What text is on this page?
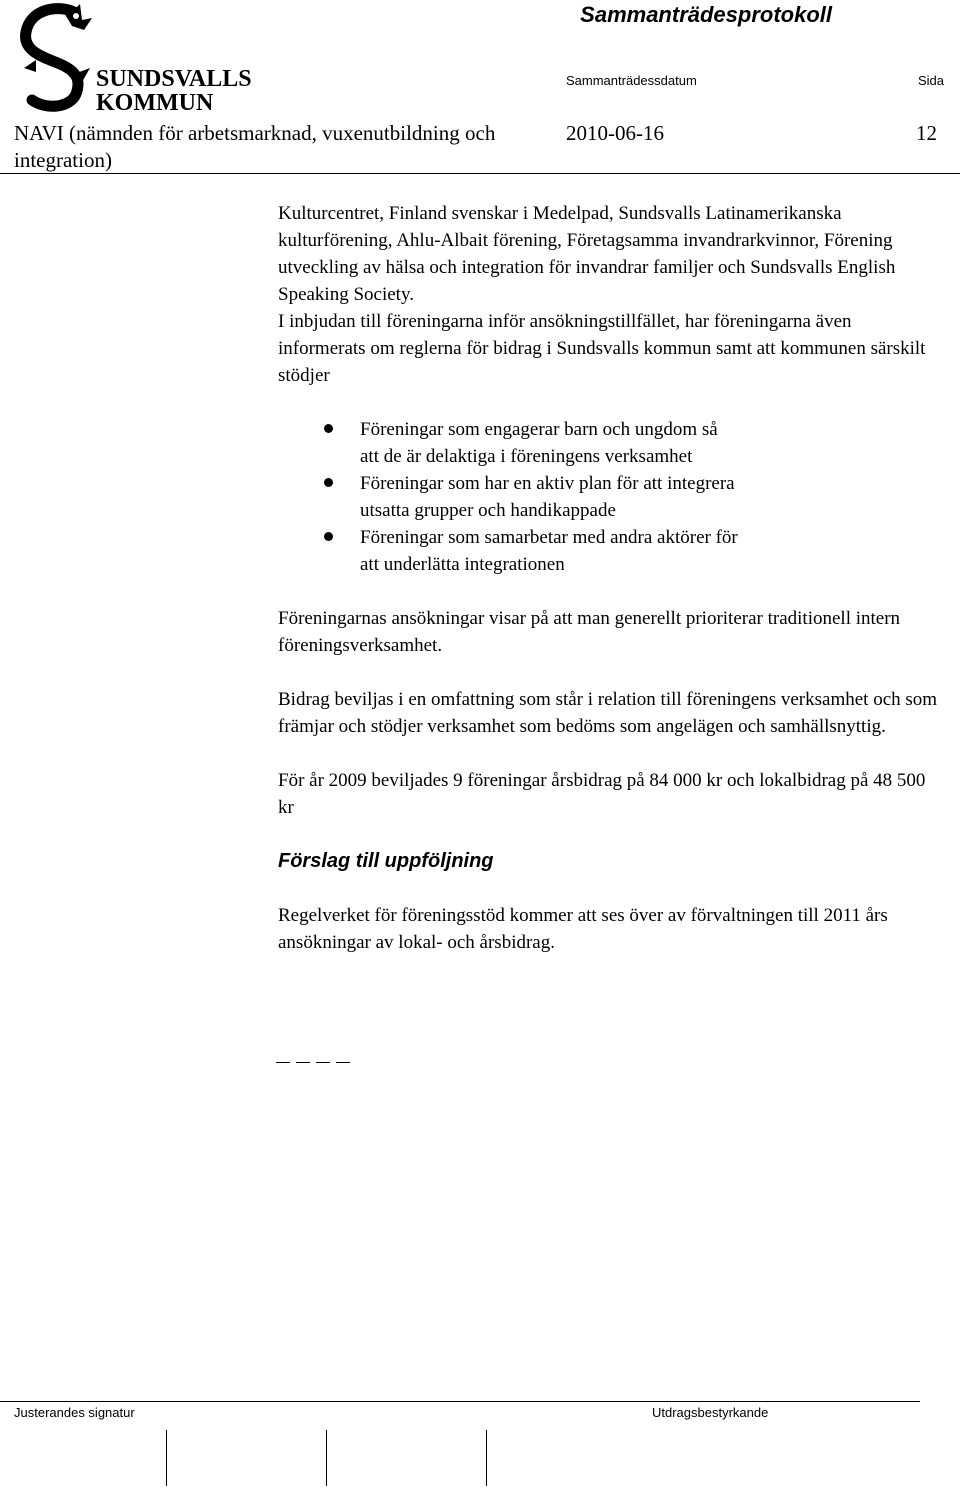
SUNDSVALLS
KOMMUN
Sammanträdesprotokoll
Sammanträdessdatum	Sida
NAVI (nämnden för arbetsmarknad, vuxenutbildning och integration)
2010-06-16	12

Kulturcentret, Finland svenskar i Medelpad, Sundsvalls Latinamerikanska kulturförening, Ahlu-Albait förening, Företagsamma invandrarkvinnor, Förening utveckling av hälsa och integration för invandrar familjer och Sundsvalls English Speaking Society.

I inbjudan till föreningarna inför ansökningstillfället, har föreningarna även informerats om reglerna för bidrag i Sundsvalls kommun samt att kommunen särskilt stödjer

Föreningar som engagerar barn och ungdom så att de är delaktiga i föreningens verksamhet
Föreningar som har en aktiv plan för att integrera utsatta grupper och handikappade
Föreningar som samarbetar med andra aktörer för att underlätta integrationen

Föreningarnas ansökningar visar på att man generellt prioriterar traditionell intern föreningsverksamhet.

Bidrag beviljas i en omfattning som står i relation till föreningens verksamhet och som främjar och stödjer verksamhet som bedöms som angelägen och samhällsnyttig.

För år 2009 beviljades 9 föreningar årsbidrag på 84 000 kr och lokalbidrag på 48 500 kr

Förslag till uppföljning

Regelverket för föreningsstöd kommer att ses över av förvaltningen till 2011 års ansökningar av lokal- och årsbidrag.

Justerandes signatur	Utdragsbestyrkande
